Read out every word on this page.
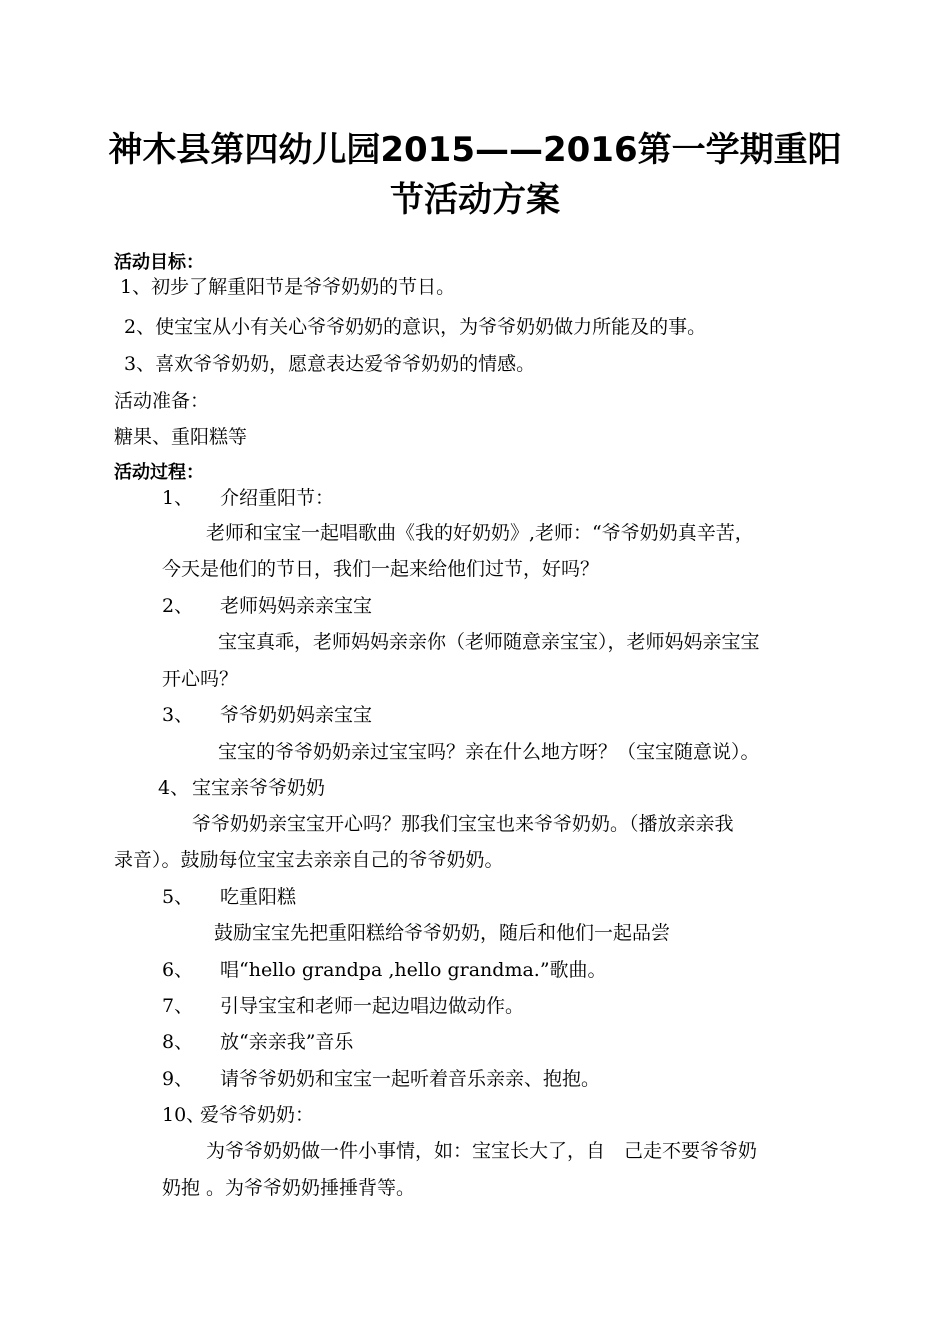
神木县第四幼儿园2015——2016第一学期重阳
节活动方案
活动目标：
1、初步了解重阳节是爷爷奶奶的节日。
2、使宝宝从小有关心爷爷奶奶的意识，为爷爷奶奶做力所能及的事。
3、喜欢爷爷奶奶，愿意表达爱爷爷奶奶的情感。
活动准备：
糖果、重阳糕等
活动过程：
1、 介绍重阳节：
老师和宝宝一起唱歌曲《我的好奶奶》,老师：“爷爷奶奶真辛苦，
今天是他们的节日，我们一起来给他们过节，好吗？
2、 老师妈妈亲亲宝宝
宝宝真乖，老师妈妈亲亲你（老师随意亲宝宝），老师妈妈亲宝宝
开心吗？
3、 爷爷奶奶妈亲宝宝
宝宝的爷爷奶奶亲过宝宝吗？亲在什么地方呀？（宝宝随意说）。
4、 宝宝亲爷爷奶奶
爷爷奶奶亲宝宝开心吗？那我们宝宝也来爷爷奶奶。（播放亲亲我
录音）。鼓励每位宝宝去亲亲自己的爷爷奶奶。
5、 吃重阳糕
鼓励宝宝先把重阳糕给爷爷奶奶，随后和他们一起品尝
6、 唱“hello grandpa ,hello grandma.”歌曲。
7、 引导宝宝和老师一起边唱边做动作。
8、 放“亲亲我”音乐
9、 请爷爷奶奶和宝宝一起听着音乐亲亲、抱抱。
10、
爱爷爷奶奶：
为爷爷奶奶做一件小事情，如：宝宝长大了，自　己走不要爷爷奶
奶抱 。为爷爷奶奶捶捶背等。
